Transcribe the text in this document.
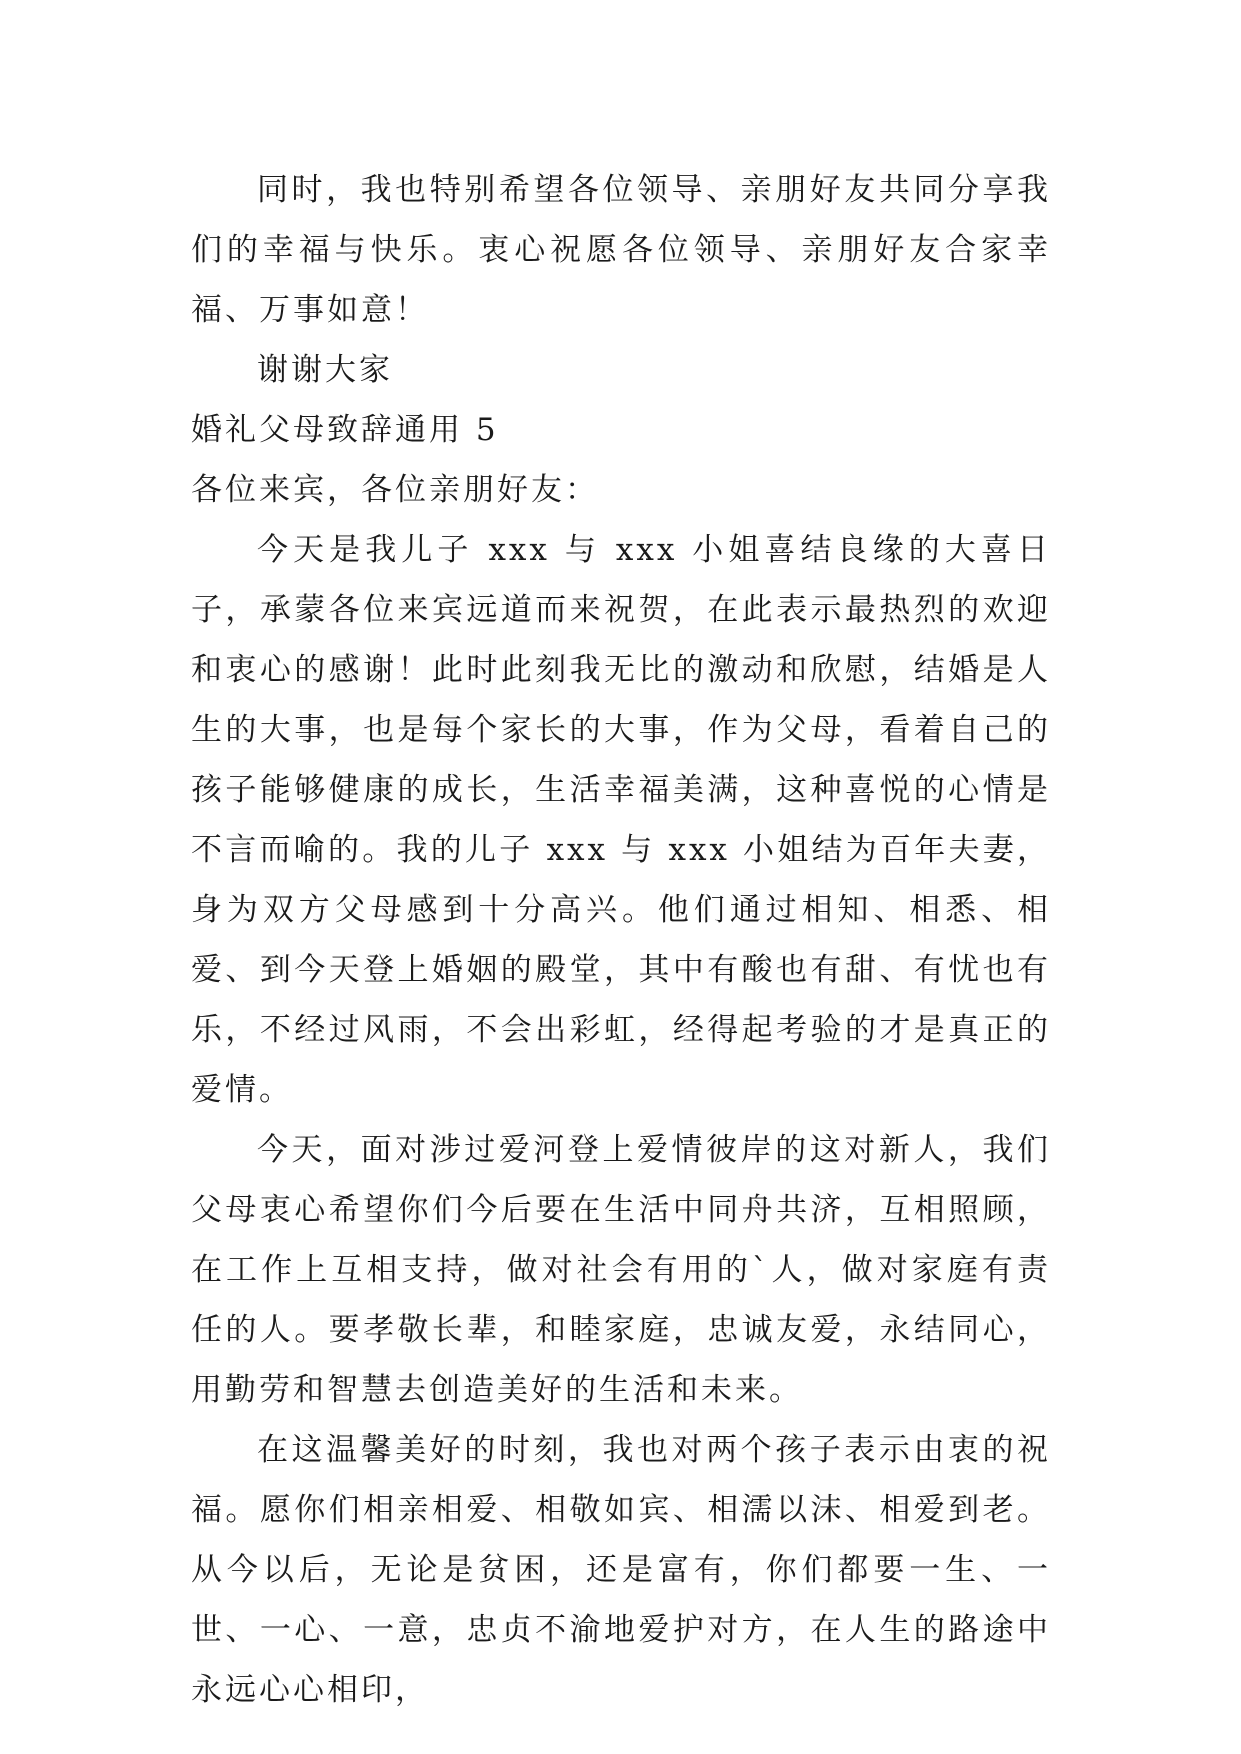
同时，我也特别希望各位领导、亲朋好友共同分享我们的幸福与快乐。衷心祝愿各位领导、亲朋好友合家幸福、万事如意！

谢谢大家

婚礼父母致辞通用 5

各位来宾，各位亲朋好友：

今天是我儿子 xxx 与 xxx 小姐喜结良缘的大喜日子，承蒙各位来宾远道而来祝贺，在此表示最热烈的欢迎和衷心的感谢！此时此刻我无比的激动和欣慰，结婚是人生的大事，也是每个家长的大事，作为父母，看着自己的孩子能够健康的成长，生活幸福美满，这种喜悦的心情是不言而喻的。我的儿子 xxx 与 xxx 小姐结为百年夫妻，身为双方父母感到十分高兴。他们通过相知、相悉、相爱、到今天登上婚姻的殿堂，其中有酸也有甜、有忧也有乐，不经过风雨，不会出彩虹，经得起考验的才是真正的爱情。

今天，面对涉过爱河登上爱情彼岸的这对新人，我们父母衷心希望你们今后要在生活中同舟共济，互相照顾，在工作上互相支持，做对社会有用的`人，做对家庭有责任的人。要孝敬长辈，和睦家庭，忠诚友爱，永结同心，用勤劳和智慧去创造美好的生活和未来。

在这温馨美好的时刻，我也对两个孩子表示由衷的祝福。愿你们相亲相爱、相敬如宾、相濡以沫、相爱到老。从今以后，无论是贫困，还是富有，你们都要一生、一世、一心、一意，忠贞不渝地爱护对方，在人生的路途中永远心心相印，
